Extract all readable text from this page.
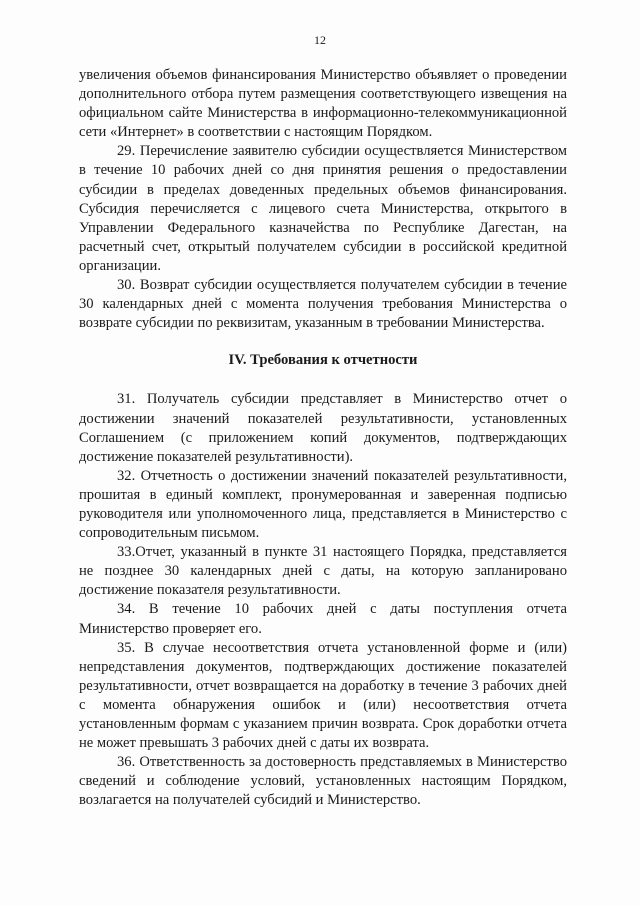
12

увеличения объемов финансирования Министерство объявляет о проведении дополнительного отбора путем размещения соответствующего извещения на официальном сайте Министерства в информационно-телекоммуникационной сети «Интернет» в соответствии с настоящим Порядком.

29. Перечисление заявителю субсидии осуществляется Министерством в течение 10 рабочих дней со дня принятия решения о предоставлении субсидии в пределах доведенных предельных объемов финансирования. Субсидия перечисляется с лицевого счета Министерства, открытого в Управлении Федерального казначейства по Республике Дагестан, на расчетный счет, открытый получателем субсидии в российской кредитной организации.

30. Возврат субсидии осуществляется получателем субсидии в течение 30 календарных дней с момента получения требования Министерства о возврате субсидии по реквизитам, указанным в требовании Министерства.

IV. Требования к отчетности

31. Получатель субсидии представляет в Министерство отчет о достижении значений показателей результативности, установленных Соглашением (с приложением копий документов, подтверждающих достижение показателей результативности).

32. Отчетность о достижении значений показателей результативности, прошитая в единый комплект, пронумерованная и заверенная подписью руководителя или уполномоченного лица, представляется в Министерство с сопроводительным письмом.

33.Отчет, указанный в пункте 31 настоящего Порядка, представляется не позднее 30 календарных дней с даты, на которую запланировано достижение показателя результативности.

34. В течение 10 рабочих дней с даты поступления отчета Министерство проверяет его.

35. В случае несоответствия отчета установленной форме и (или) непредставления документов, подтверждающих достижение показателей результативности, отчет возвращается на доработку в течение 3 рабочих дней с момента обнаружения ошибок и (или) несоответствия отчета установленным формам с указанием причин возврата. Срок доработки отчета не может превышать 3 рабочих дней с даты их возврата.

36. Ответственность за достоверность представляемых в Министерство сведений и соблюдение условий, установленных настоящим Порядком, возлагается на получателей субсидий и Министерство.
